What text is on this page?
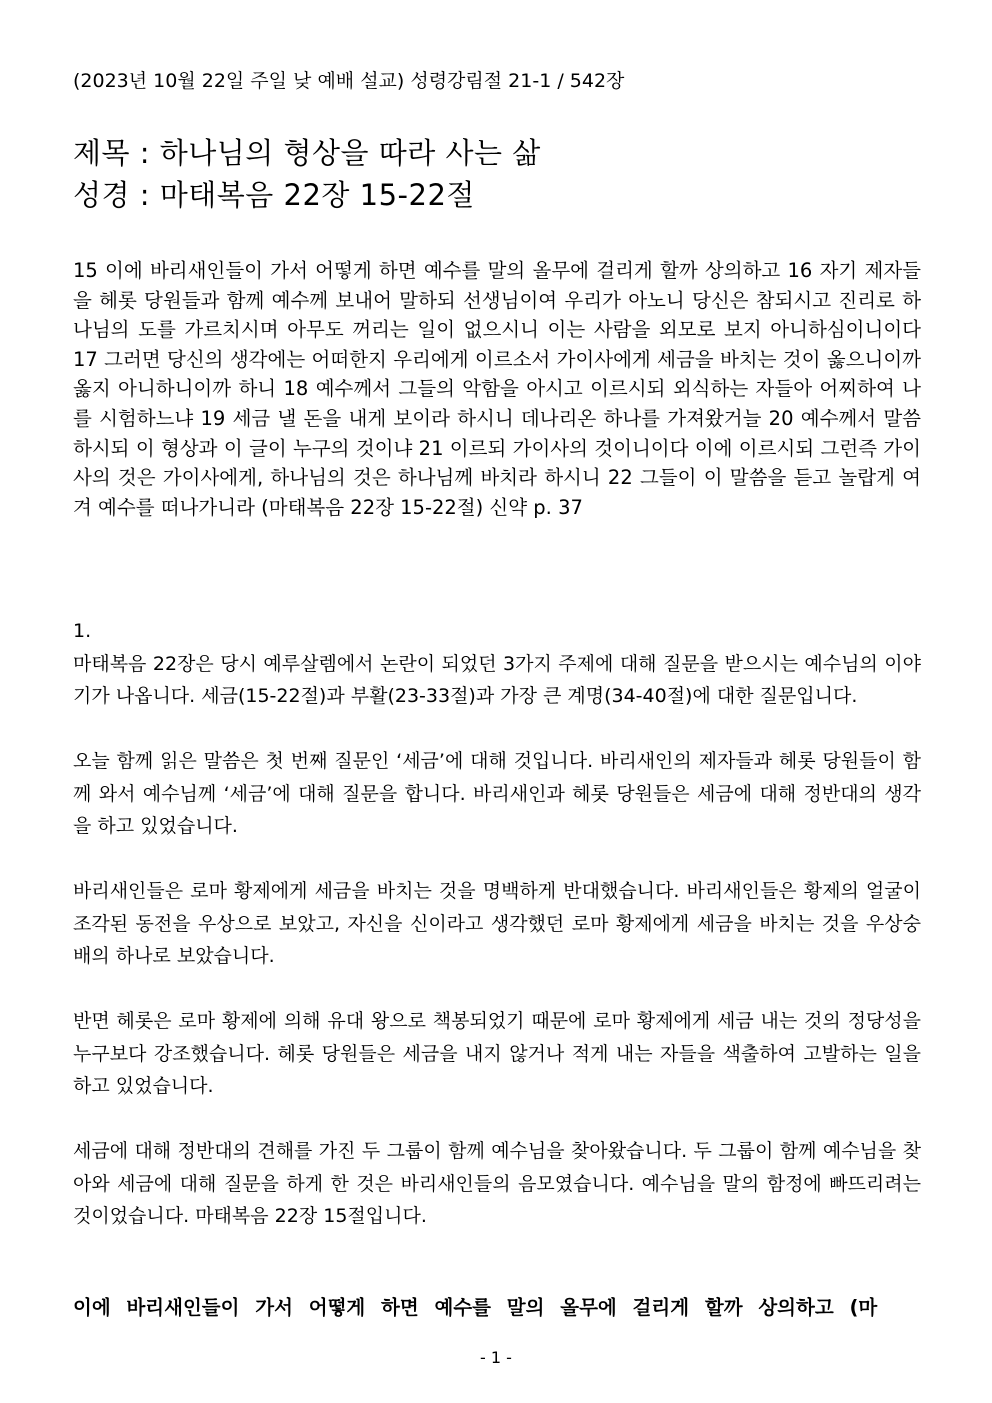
(2023년 10월 22일 주일 낮 예배 설교) 성령강림절 21-1 / 542장
제목 : 하나님의 형상을 따라 사는 삶
성경 : 마태복음 22장 15-22절
15 이에 바리새인들이 가서 어떻게 하면 예수를 말의 올무에 걸리게 할까 상의하고 16 자기 제자들을 헤롯 당원들과 함께 예수께 보내어 말하되 선생님이여 우리가 아노니 당신은 참되시고 진리로 하나님의 도를 가르치시며 아무도 꺼리는 일이 없으시니 이는 사람을 외모로 보지 아니하심이니이다 17 그러면 당신의 생각에는 어떠한지 우리에게 이르소서 가이사에게 세금을 바치는 것이 옳으니이까 옳지 아니하니이까 하니 18 예수께서 그들의 악함을 아시고 이르시되 외식하는 자들아 어찌하여 나를 시험하느냐 19 세금 낼 돈을 내게 보이라 하시니 데나리온 하나를 가져왔거늘 20 예수께서 말씀하시되 이 형상과 이 글이 누구의 것이냐 21 이르되 가이사의 것이니이다 이에 이르시되 그런즉 가이사의 것은 가이사에게, 하나님의 것은 하나님께 바치라 하시니 22 그들이 이 말씀을 듣고 놀랍게 여겨 예수를 떠나가니라 (마태복음 22장 15-22절) 신약 p. 37

1.

마태복음 22장은 당시 예루살렘에서 논란이 되었던 3가지 주제에 대해 질문을 받으시는 예수님의 이야기가 나옵니다. 세금(15-22절)과 부활(23-33절)과 가장 큰 계명(34-40절)에 대한 질문입니다.

오늘 함께 읽은 말씀은 첫 번째 질문인 ‘세금’에 대해 것입니다. 바리새인의 제자들과 헤롯 당원들이 함께 와서 예수님께 ‘세금’에 대해 질문을 합니다. 바리새인과 헤롯 당원들은 세금에 대해 정반대의 생각을 하고 있었습니다.

바리새인들은 로마 황제에게 세금을 바치는 것을 명백하게 반대했습니다. 바리새인들은 황제의 얼굴이 조각된 동전을 우상으로 보았고, 자신을 신이라고 생각했던 로마 황제에게 세금을 바치는 것을 우상숭배의 하나로 보았습니다.

반면 헤롯은 로마 황제에 의해 유대 왕으로 책봉되었기 때문에 로마 황제에게 세금 내는 것의 정당성을 누구보다 강조했습니다. 헤롯 당원들은 세금을 내지 않거나 적게 내는 자들을 색출하여 고발하는 일을 하고 있었습니다.

세금에 대해 정반대의 견해를 가진 두 그룹이 함께 예수님을 찾아왔습니다. 두 그룹이 함께 예수님을 찾아와 세금에 대해 질문을 하게 한 것은 바리새인들의 음모였습니다. 예수님을 말의 함정에 빠뜨리려는 것이었습니다. 마태복음 22장 15절입니다.

이에 바리새인들이 가서 어떻게 하면 예수를 말의 올무에 걸리게 할까 상의하고 (마
- 1 -
